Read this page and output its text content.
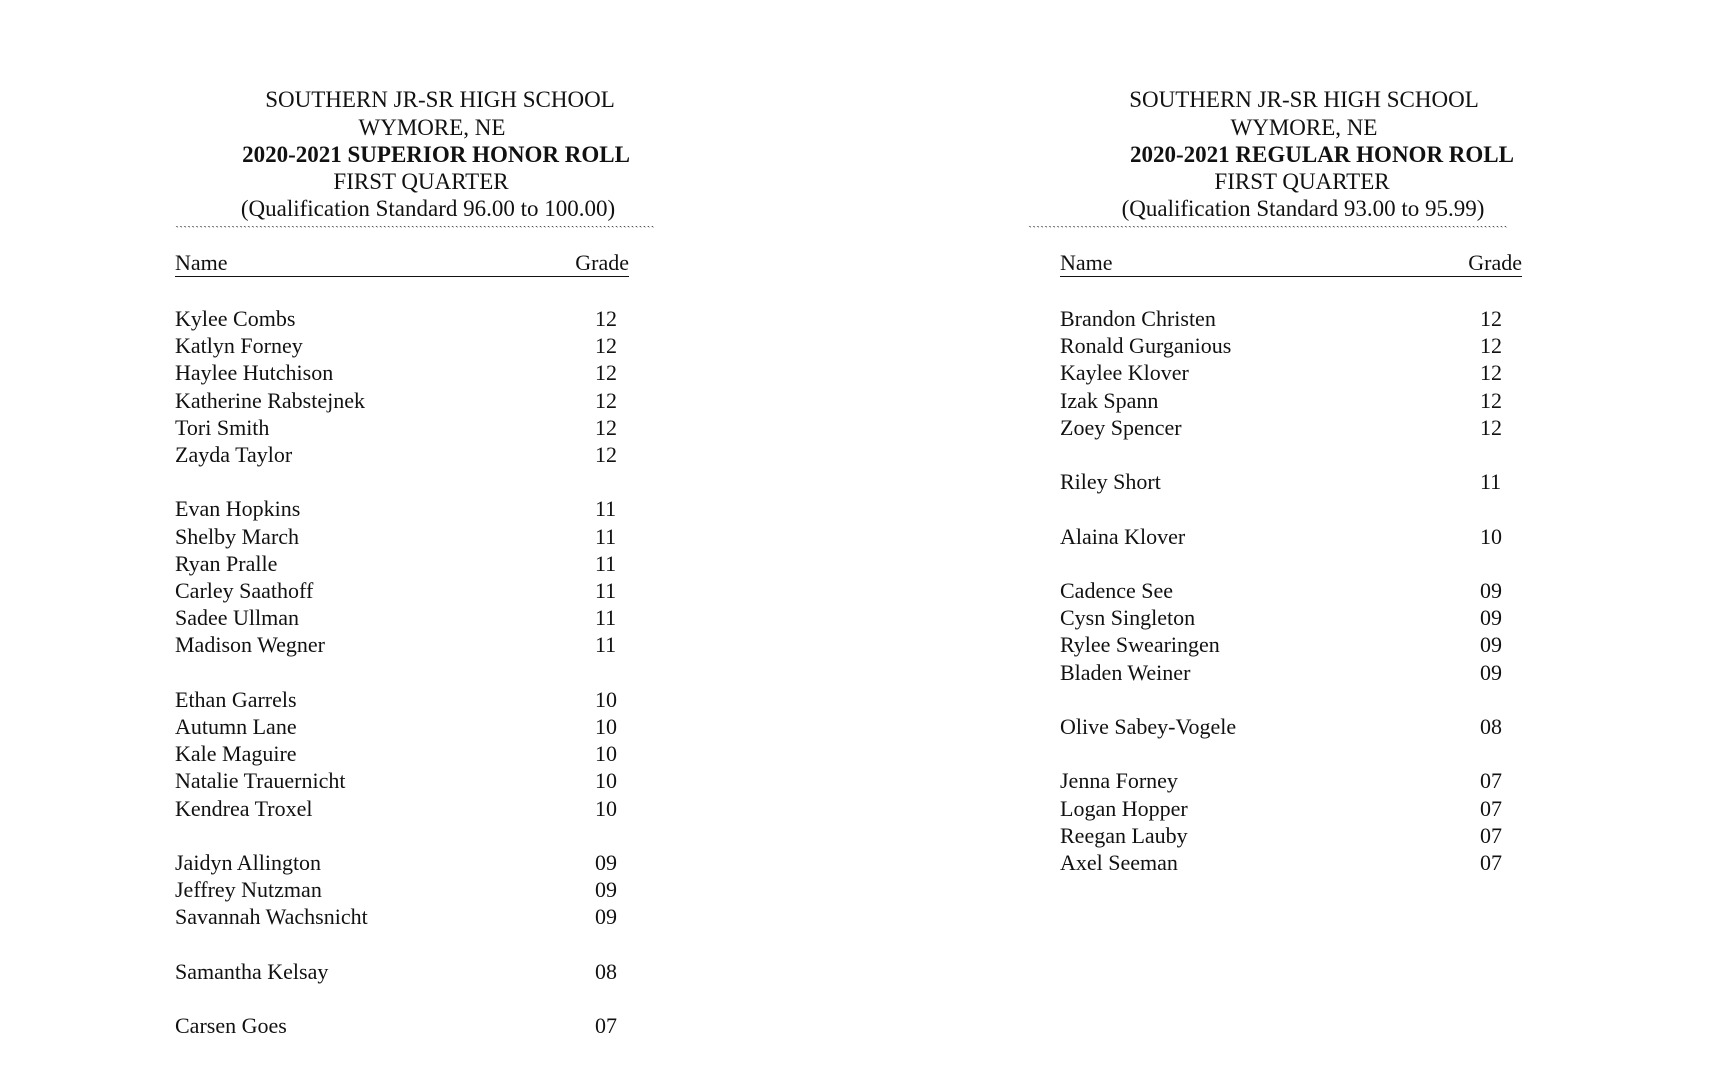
SOUTHERN JR-SR HIGH SCHOOL
WYMORE, NE
2020-2021 SUPERIOR HONOR ROLL
FIRST QUARTER
(Qualification Standard 96.00 to 100.00)
````````````````````````````````````````````````````````````````````````````````````````````````````````````````````````
Name	Grade
Kylee Combs	12
Katlyn Forney	12
Haylee Hutchison	12
Katherine Rabstejnek	12
Tori Smith	12
Zayda Taylor	12
Evan Hopkins	11
Shelby March	11
Ryan Pralle	11
Carley Saathoff	11
Sadee Ullman	11
Madison Wegner	11
Ethan Garrels	10
Autumn Lane	10
Kale Maguire	10
Natalie Trauernicht	10
Kendrea Troxel	10
Jaidyn Allington	09
Jeffrey Nutzman	09
Savannah Wachsnicht	09
Samantha Kelsay	08
Carsen Goes	07
SOUTHERN JR-SR HIGH SCHOOL
WYMORE, NE
2020-2021 REGULAR HONOR ROLL
FIRST QUARTER
(Qualification Standard 93.00 to 95.99)
````````````````````````````````````````````````````````````````````````````````````````````````````````````````````````
Name	Grade
Brandon Christen	12
Ronald Gurganious	12
Kaylee Klover	12
Izak Spann	12
Zoey Spencer	12
Riley Short	11
Alaina Klover	10
Cadence See	09
Cysn Singleton	09
Rylee Swearingen	09
Bladen Weiner	09
Olive Sabey-Vogele	08
Jenna Forney	07
Logan Hopper	07
Reegan Lauby	07
Axel Seeman	07
